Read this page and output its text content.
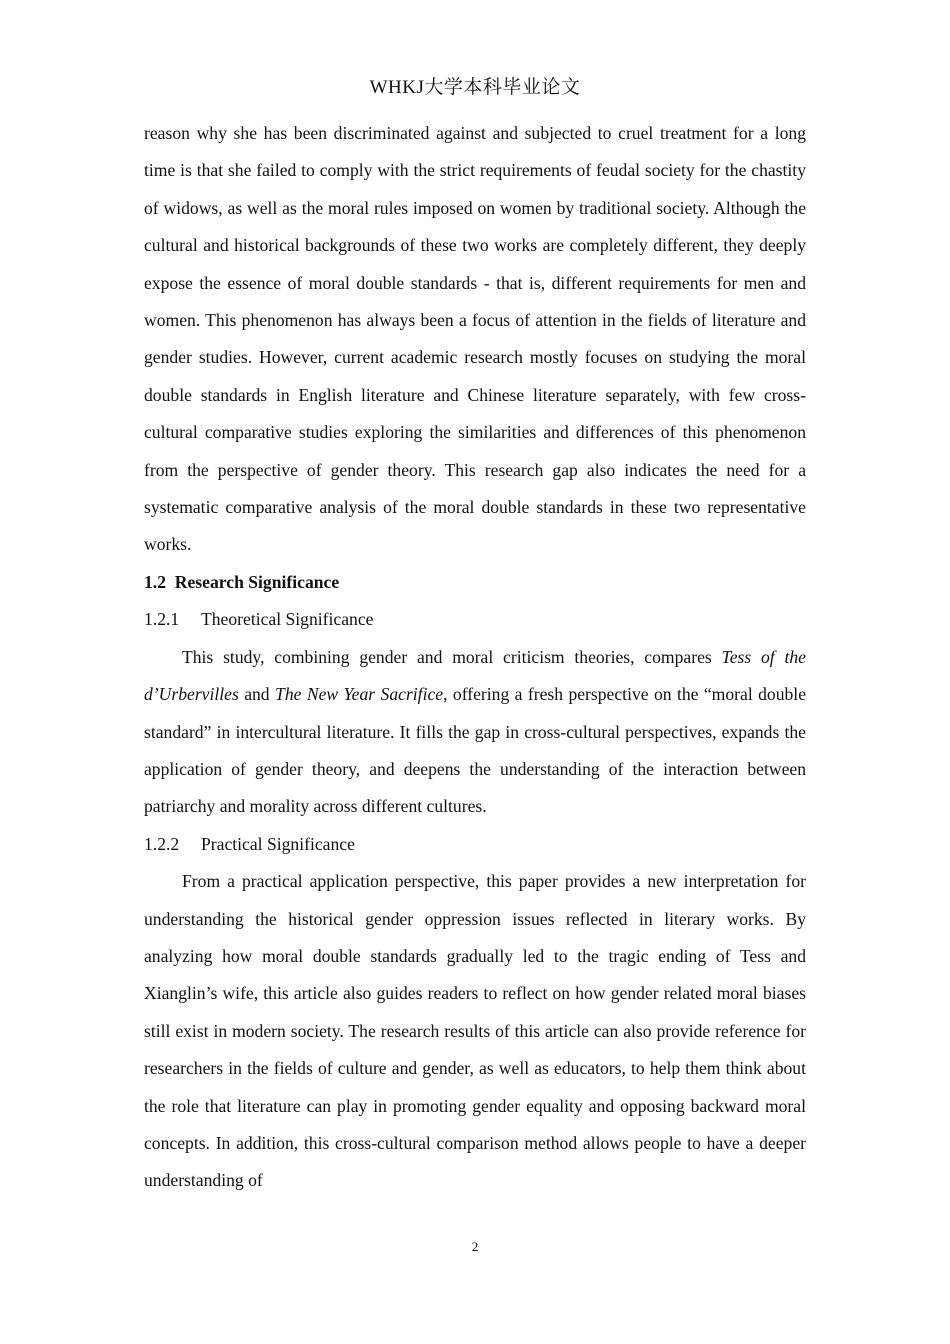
WHKJ大学本科毕业论文

reason why she has been discriminated against and subjected to cruel treatment for a long time is that she failed to comply with the strict requirements of feudal society for the chastity of widows, as well as the moral rules imposed on women by traditional society. Although the cultural and historical backgrounds of these two works are completely different, they deeply expose the essence of moral double standards - that is, different requirements for men and women. This phenomenon has always been a focus of attention in the fields of literature and gender studies. However, current academic research mostly focuses on studying the moral double standards in English literature and Chinese literature separately, with few cross-cultural comparative studies exploring the similarities and differences of this phenomenon from the perspective of gender theory. This research gap also indicates the need for a systematic comparative analysis of the moral double standards in these two representative works.

1.2 Research Significance
1.2.1 Theoretical Significance

This study, combining gender and moral criticism theories, compares Tess of the d’Urbervilles and The New Year Sacrifice, offering a fresh perspective on the “moral double standard” in intercultural literature. It fills the gap in cross-cultural perspectives, expands the application of gender theory, and deepens the understanding of the interaction between patriarchy and morality across different cultures.

1.2.2 Practical Significance

From a practical application perspective, this paper provides a new interpretation for understanding the historical gender oppression issues reflected in literary works. By analyzing how moral double standards gradually led to the tragic ending of Tess and Xianglin’s wife, this article also guides readers to reflect on how gender related moral biases still exist in modern society. The research results of this article can also provide reference for researchers in the fields of culture and gender, as well as educators, to help them think about the role that literature can play in promoting gender equality and opposing backward moral concepts. In addition, this cross-cultural comparison method allows people to have a deeper understanding of

2
